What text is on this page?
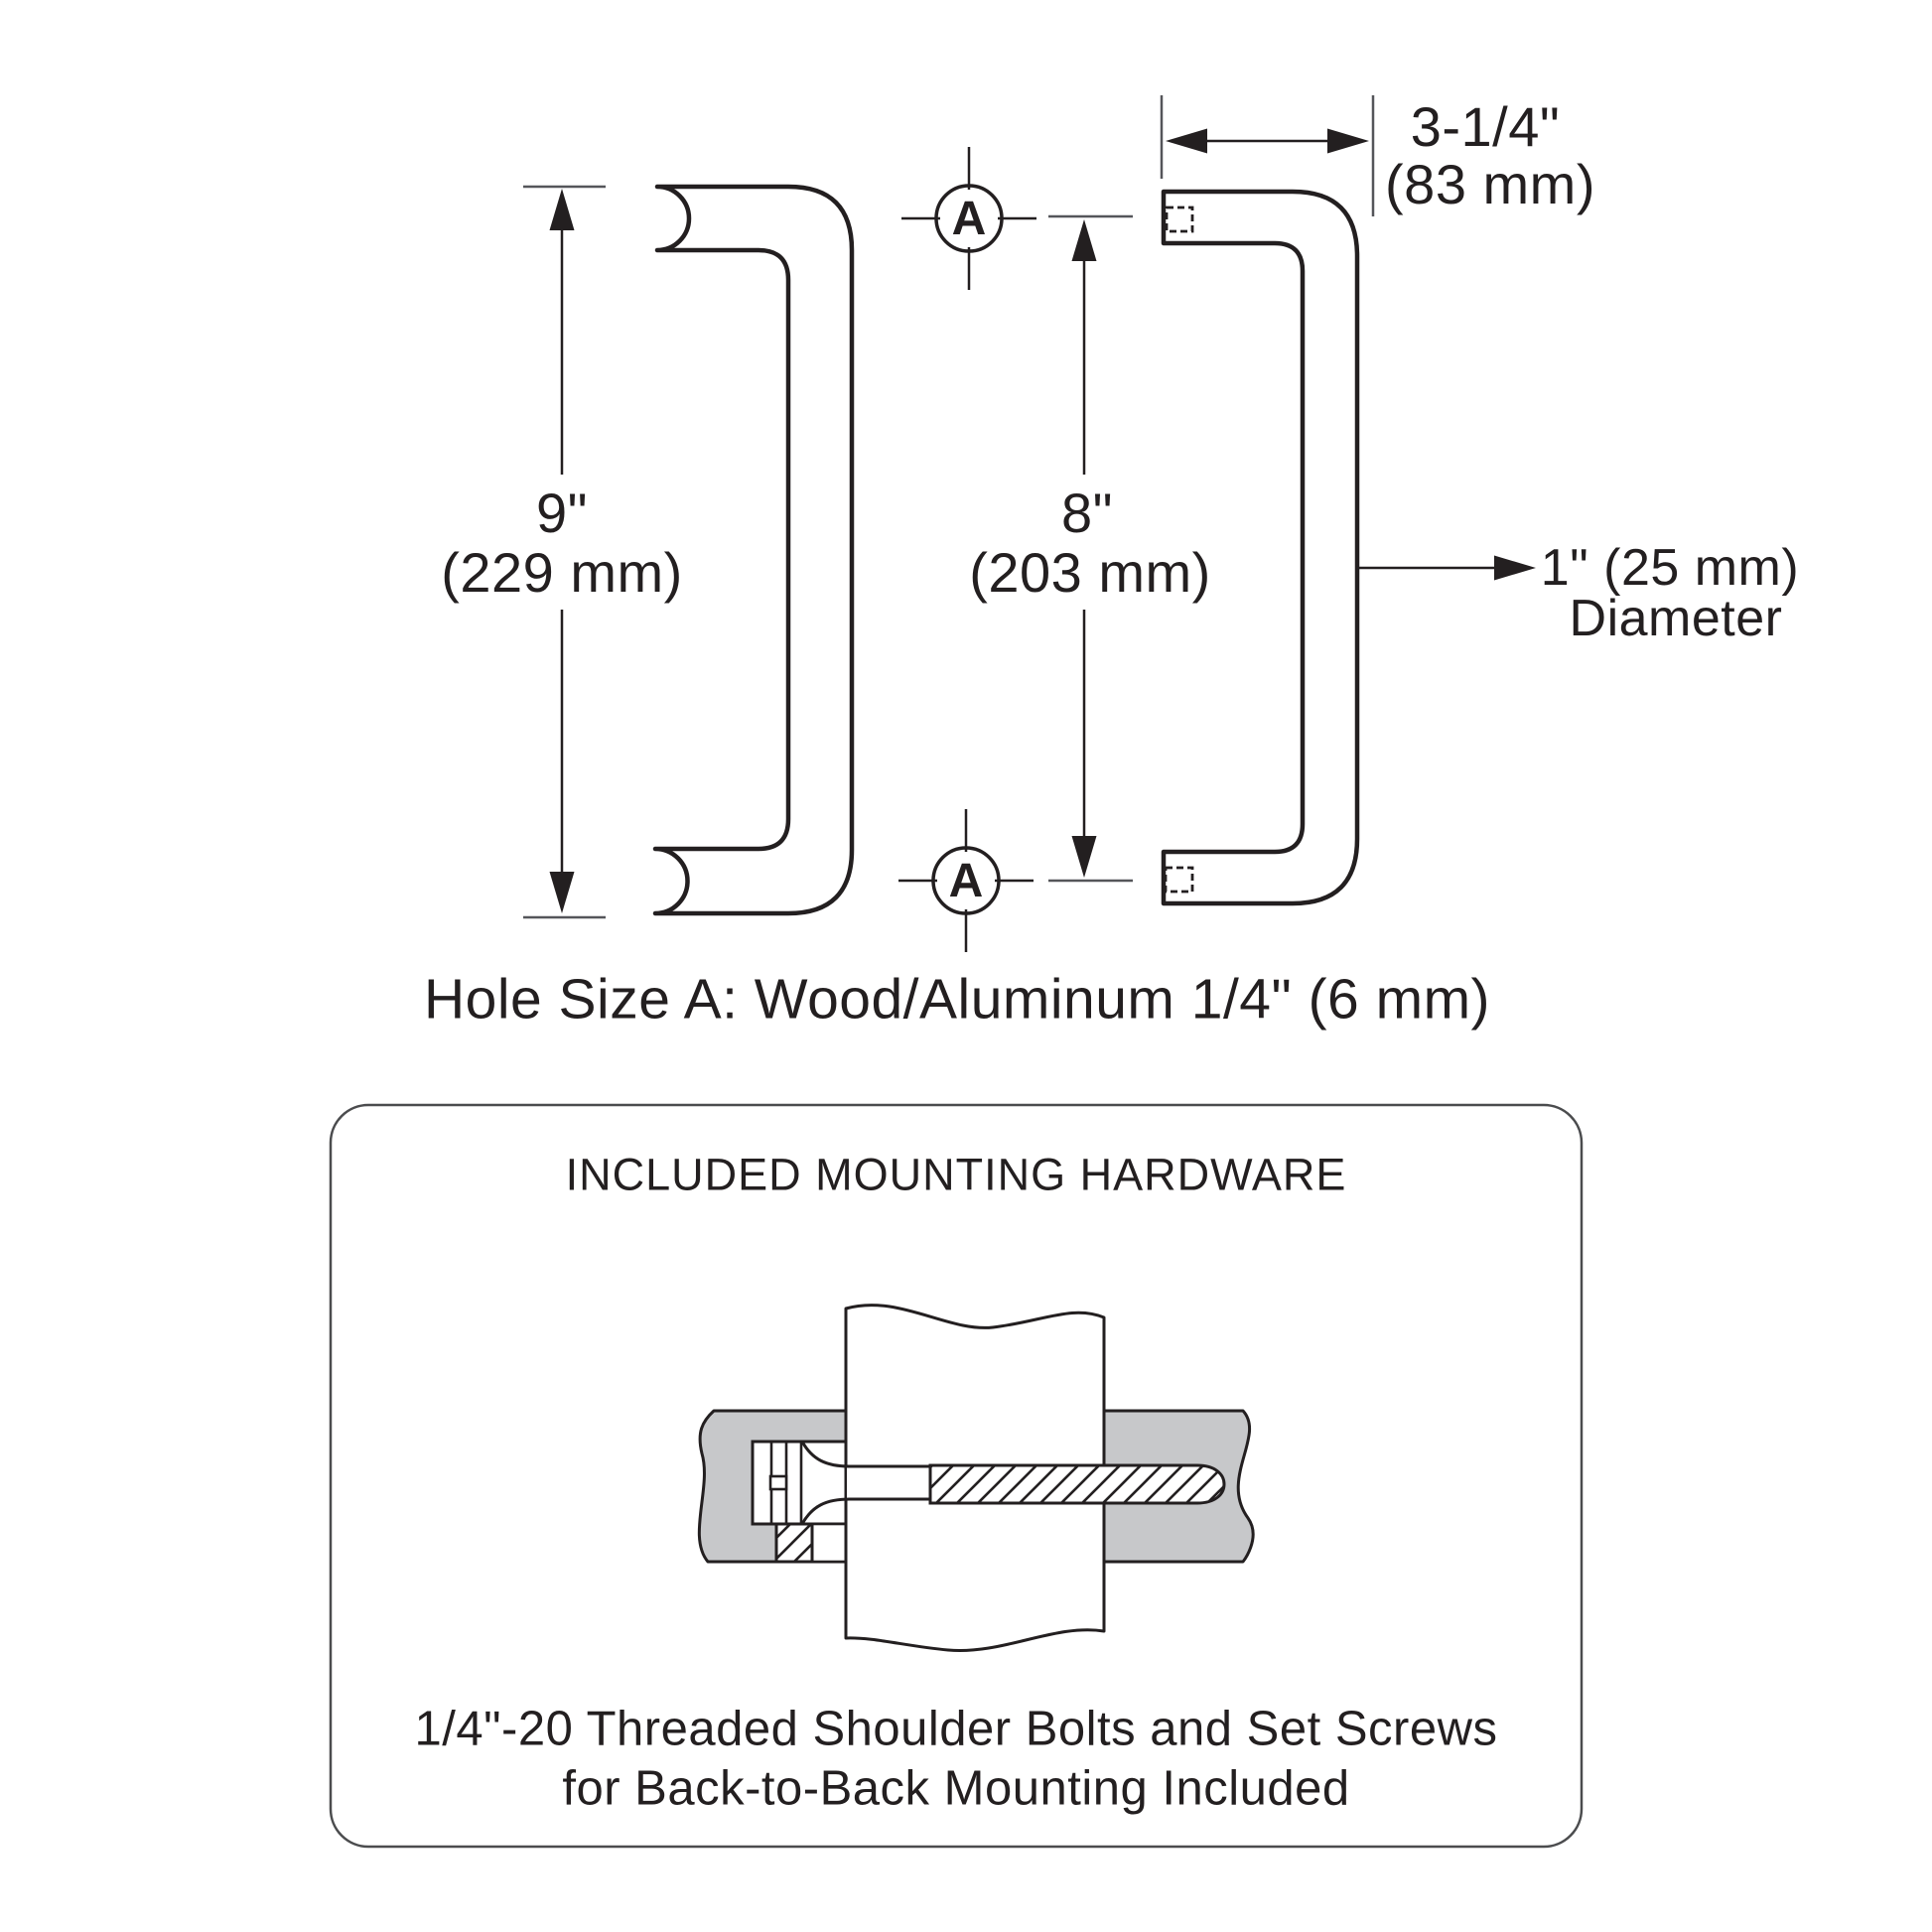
9"
(229 mm)
8"
(203 mm)
3-1/4"
(83 mm)
1" (25 mm)
Diameter
A
A
Hole Size A: Wood/Aluminum 1/4" (6 mm)
INCLUDED MOUNTING HARDWARE
1/4"-20 Threaded Shoulder Bolts and Set Screws
for Back-to-Back Mounting Included
